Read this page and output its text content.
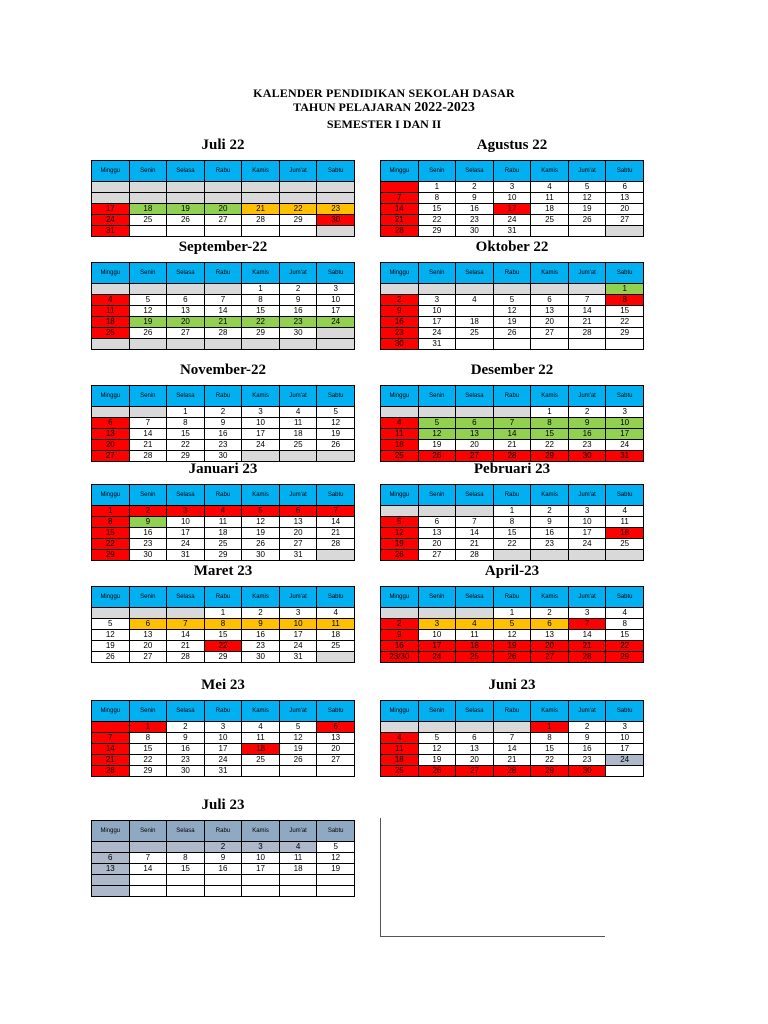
KALENDER PENDIDIKAN SEKOLAH DASAR
TAHUN PELAJARAN 2022-2023
SEMESTER I DAN II
Juli 22
Minggu	Senin	Selasa	Rabu	Kamis	Jum'at	Sabtu

17	18	19	20	21	22	23
24	25	26	27	28	29	30
31						
Agustus 22
Minggu	Senin	Selasa	Rabu	Kamis	Jum'at	Sabtu
	1	2	3	4	5	6
7	8	9	10	11	12	13
14	15	16	17	18	19	20
21	22	23	24	25	26	27
28	29	30	31			
September-22
Minggu	Senin	Selasa	Rabu	Kamis	Jum'at	Sabtu
				1	2	3
4	5	6	7	8	9	10
11	12	13	14	15	16	17
18	19	20	21	22	23	24
25	26	27	28	29	30	

Oktober 22
Minggu	Senin	Selasa	Rabu	Kamis	Jum'at	Sabtu
						1
2	3	4	5	6	7	8
9	10		12	13	14	15
16	17	18	19	20	21	22
23	24	25	26	27	28	29
30	31					
November-22
Minggu	Senin	Selasa	Rabu	Kamis	Jum'at	Sabtu
		1	2	3	4	5
6	7	8	9	10	11	12
13	14	15	16	17	18	19
20	21	22	23	24	25	26
27	28	29	30			
Desember 22
Minggu	Senin	Selasa	Rabu	Kamis	Jum'at	Sabtu
				1	2	3
4	5	6	7	8	9	10
11	12	13	14	15	16	17
18	19	20	21	22	23	24
25	26	27	28	29	30	31
Januari 23
Minggu	Senin	Selasa	Rabu	Kamis	Jum'at	Sabtu
1	2	3	4	5	6	7
8	9	10	11	12	13	14
15	16	17	18	19	20	21
22	23	24	25	26	27	28
29	30	31	29	30	31	
Pebruari 23
Minggu	Senin	Selasa	Rabu	Kamis	Jum'at	Sabtu
			1	2	3	4
5	6	7	8	9	10	11
12	13	14	15	16	17	18
19	20	21	22	23	24	25
26	27	28				
Maret 23
Minggu	Senin	Selasa	Rabu	Kamis	Jum'at	Sabtu
			1	2	3	4
5	6	7	8	9	10	11
12	13	14	15	16	17	18
19	20	21	22	23	24	25
26	27	28	29	30	31	
April-23
Minggu	Senin	Selasa	Rabu	Kamis	Jum'at	Sabtu
			1	2	3	4
2	3	4	5	6	7	8
9	10	11	12	13	14	15
16	17	18	19	20	21	22
23/30	24	25	26	27	28	29
Mei 23
Minggu	Senin	Selasa	Rabu	Kamis	Jum'at	Sabtu
	1	2	3	4	5	6
7	8	9	10	11	12	13
14	15	16	17	18	19	20
21	22	23	24	25	26	27
28	29	30	31			
Juni 23
Minggu	Senin	Selasa	Rabu	Kamis	Jum'at	Sabtu
				1	2	3
4	5	6	7	8	9	10
11	12	13	14	15	16	17
18	19	20	21	22	23	24
25	26	27	28	29	30	
Juli 23
Minggu	Senin	Selasa	Rabu	Kamis	Jum'at	Sabtu
			2	3	4	5
6	7	8	9	10	11	12
13	14	15	16	17	18	19
